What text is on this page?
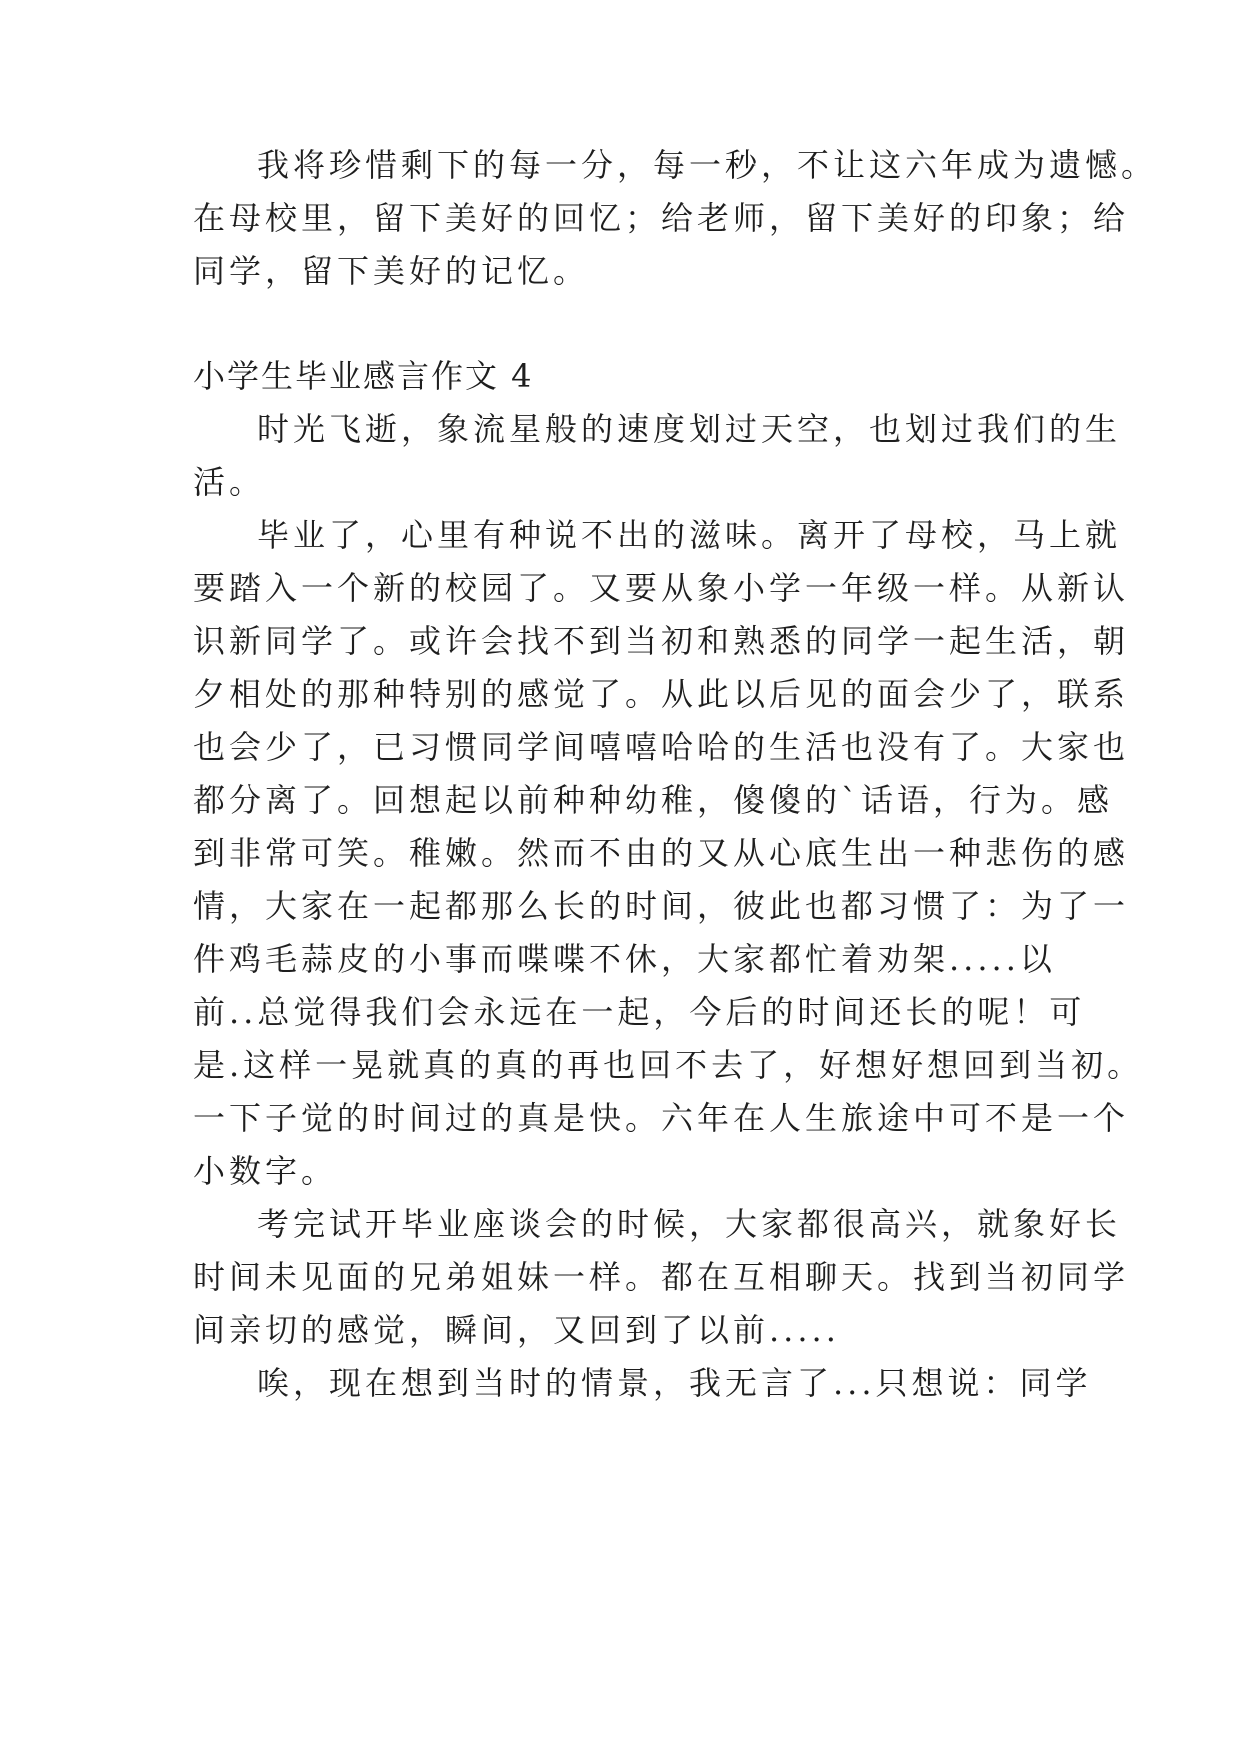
我将珍惜剩下的每一分，每一秒，不让这六年成为遗憾。

在母校里，留下美好的回忆；给老师，留下美好的印象；给

同学，留下美好的记忆。

小学生毕业感言作文 4

时光飞逝，象流星般的速度划过天空，也划过我们的生

活。

毕业了，心里有种说不出的滋味。离开了母校，马上就

要踏入一个新的校园了。又要从象小学一年级一样。从新认

识新同学了。或许会找不到当初和熟悉的同学一起生活，朝

夕相处的那种特别的感觉了。从此以后见的面会少了，联系

也会少了，已习惯同学间嘻嘻哈哈的生活也没有了。大家也

都分离了。回想起以前种种幼稚，傻傻的`话语，行为。感

到非常可笑。稚嫩。然而不由的又从心底生出一种悲伤的感

情，大家在一起都那么长的时间，彼此也都习惯了：为了一

件鸡毛蒜皮的小事而喋喋不休，大家都忙着劝架.....以

前..总觉得我们会永远在一起，今后的时间还长的呢！可

是.这样一晃就真的真的再也回不去了，好想好想回到当初。

一下子觉的时间过的真是快。六年在人生旅途中可不是一个

小数字。

考完试开毕业座谈会的时候，大家都很高兴，就象好长

时间未见面的兄弟姐妹一样。都在互相聊天。找到当初同学

间亲切的感觉，瞬间，又回到了以前.....

唉，现在想到当时的情景，我无言了...只想说：同学
